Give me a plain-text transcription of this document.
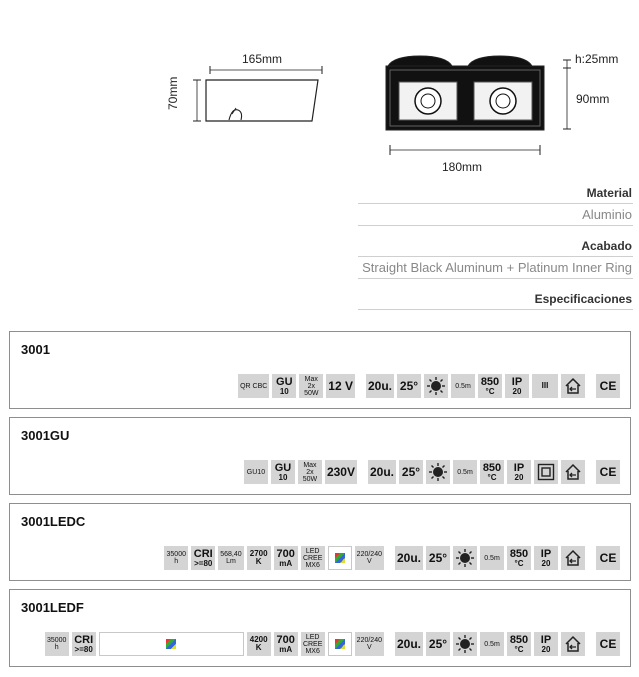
165mm
70mm
h:25mm
90mm
180mm
Material
Aluminio
Acabado
Straight Black Aluminum + Platinum Inner Ring
Especificaciones
3001
QR CBC GU
10
Max
2x
50W 12 V 20u. 25°	0.5m 850
°C
IP
20
III	CE
3001GU
GU10 GU
10
Max
2x
50W 230V 20u. 25°	0.5m 850
°C
IP
20	CE
3001LEDC
35000
h
CRI
>=80
568,40
Lm
2700
K
700
mA
LED
CREE
MX6
220/240
V 20u. 25°	0.5m 850
°C
IP
20	CE
3001LEDF
35000
h
CRI
>=80
4200
K
700
mA
LED
CREE
MX6
220/240
V 20u. 25°	0.5m 850
°C
IP
20	CE
